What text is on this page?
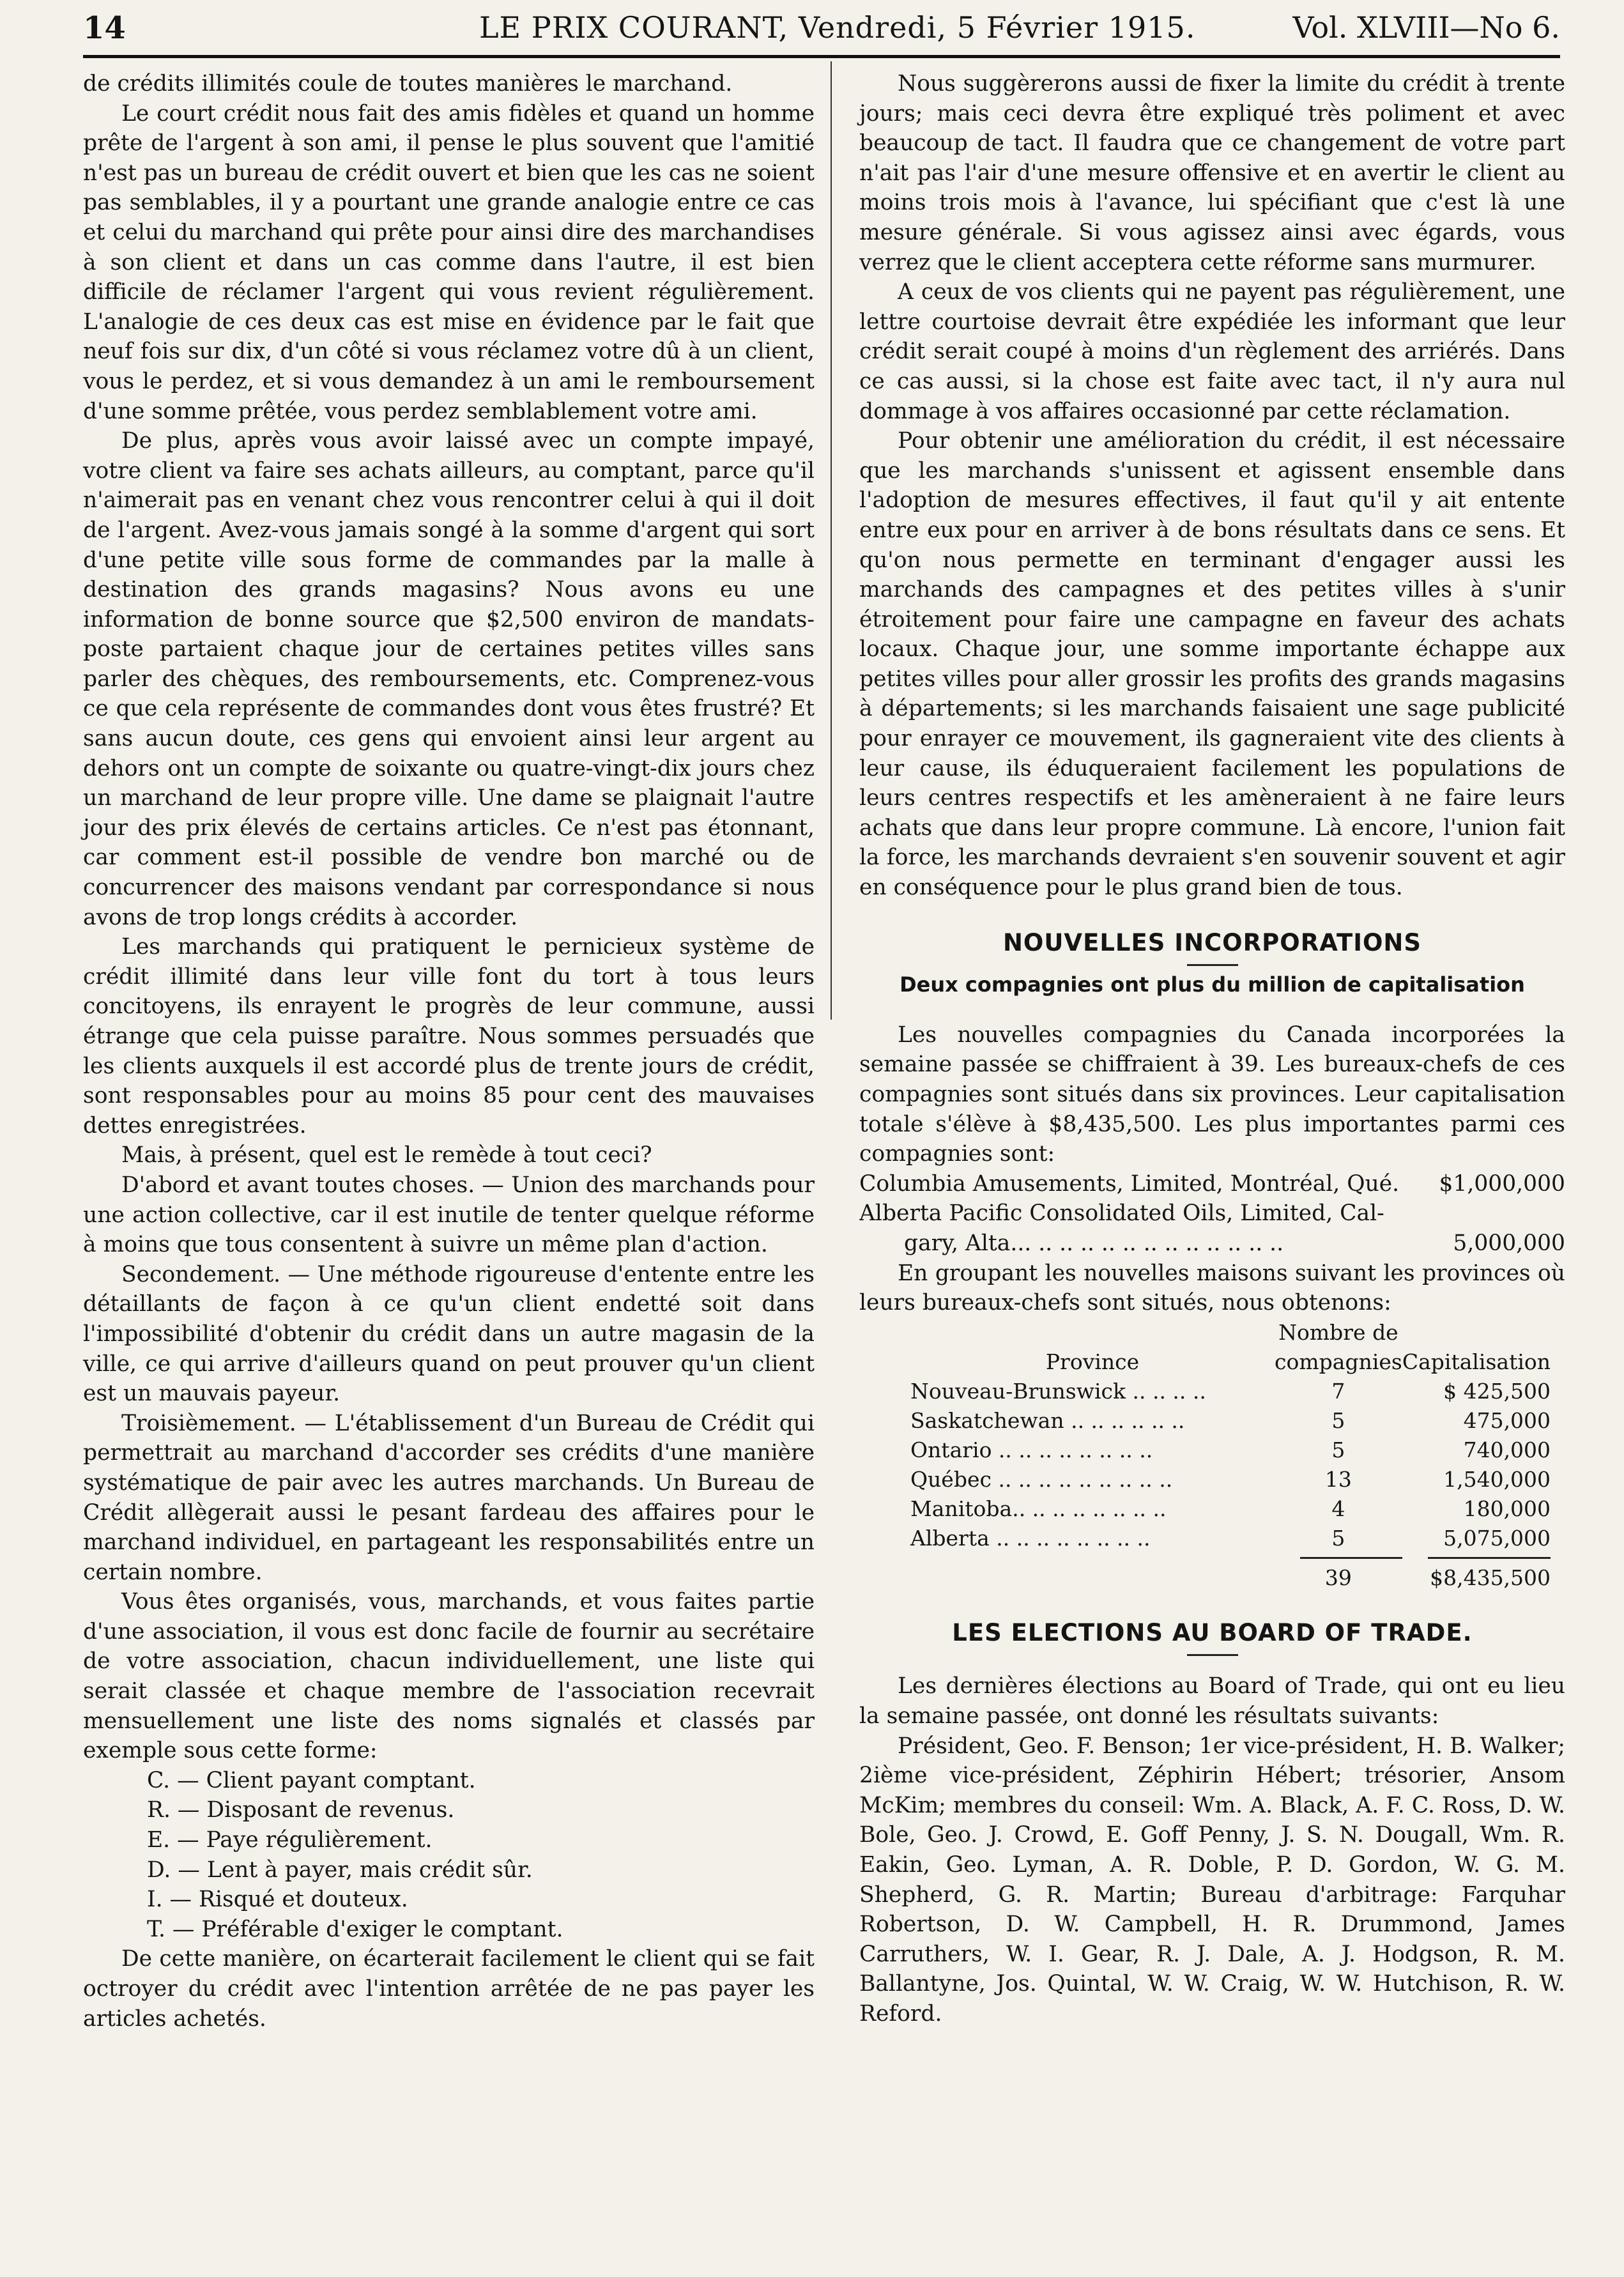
14	LE PRIX COURANT, Vendredi, 5 Février 1915.	Vol. XLVIII—No 6.

de crédits illimités coule de toutes manières le marchand.

Le court crédit nous fait des amis fidèles et quand un homme prête de l'argent à son ami, il pense le plus souvent que l'amitié n'est pas un bureau de crédit ouvert et bien que les cas ne soient pas semblables, il y a pourtant une grande analogie entre ce cas et celui du marchand qui prête pour ainsi dire des marchandises à son client et dans un cas comme dans l'autre, il est bien difficile de réclamer l'argent qui vous revient régulièrement. L'analogie de ces deux cas est mise en évidence par le fait que neuf fois sur dix, d'un côté si vous réclamez votre dû à un client, vous le perdez, et si vous demandez à un ami le remboursement d'une somme prêtée, vous perdez semblablement votre ami.

De plus, après vous avoir laissé avec un compte impayé, votre client va faire ses achats ailleurs, au comptant, parce qu'il n'aimerait pas en venant chez vous rencontrer celui à qui il doit de l'argent. Avez-vous jamais songé à la somme d'argent qui sort d'une petite ville sous forme de commandes par la malle à destination des grands magasins? Nous avons eu une information de bonne source que $2,500 environ de mandats-poste partaient chaque jour de certaines petites villes sans parler des chèques, des remboursements, etc. Comprenez-vous ce que cela représente de commandes dont vous êtes frustré? Et sans aucun doute, ces gens qui envoient ainsi leur argent au dehors ont un compte de soixante ou quatre-vingt-dix jours chez un marchand de leur propre ville. Une dame se plaignait l'autre jour des prix élevés de certains articles. Ce n'est pas étonnant, car comment est-il possible de vendre bon marché ou de concurrencer des maisons vendant par correspondance si nous avons de trop longs crédits à accorder.

Les marchands qui pratiquent le pernicieux système de crédit illimité dans leur ville font du tort à tous leurs concitoyens, ils enrayent le progrès de leur commune, aussi étrange que cela puisse paraître. Nous sommes persuadés que les clients auxquels il est accordé plus de trente jours de crédit, sont responsables pour au moins 85 pour cent des mauvaises dettes enregistrées.

Mais, à présent, quel est le remède à tout ceci?

D'abord et avant toutes choses. — Union des marchands pour une action collective, car il est inutile de tenter quelque réforme à moins que tous consentent à suivre un même plan d'action.

Secondement. — Une méthode rigoureuse d'entente entre les détaillants de façon à ce qu'un client endetté soit dans l'impossibilité d'obtenir du crédit dans un autre magasin de la ville, ce qui arrive d'ailleurs quand on peut prouver qu'un client est un mauvais payeur.

Troisièmement. — L'établissement d'un Bureau de Crédit qui permettrait au marchand d'accorder ses crédits d'une manière systématique de pair avec les autres marchands. Un Bureau de Crédit allègerait aussi le pesant fardeau des affaires pour le marchand individuel, en partageant les responsabilités entre un certain nombre.

Vous êtes organisés, vous, marchands, et vous faites partie d'une association, il vous est donc facile de fournir au secrétaire de votre association, chacun individuellement, une liste qui serait classée et chaque membre de l'association recevrait mensuellement une liste des noms signalés et classés par exemple sous cette forme:

C. — Client payant comptant.
R. — Disposant de revenus.
E. — Paye régulièrement.
D. — Lent à payer, mais crédit sûr.
I. — Risqué et douteux.
T. — Préférable d'exiger le comptant.

De cette manière, on écarterait facilement le client qui se fait octroyer du crédit avec l'intention arrêtée de ne pas payer les articles achetés.

Nous suggèrerons aussi de fixer la limite du crédit à trente jours; mais ceci devra être expliqué très poliment et avec beaucoup de tact. Il faudra que ce changement de votre part n'ait pas l'air d'une mesure offensive et en avertir le client au moins trois mois à l'avance, lui spécifiant que c'est là une mesure générale. Si vous agissez ainsi avec égards, vous verrez que le client acceptera cette réforme sans murmurer.

A ceux de vos clients qui ne payent pas régulièrement, une lettre courtoise devrait être expédiée les informant que leur crédit serait coupé à moins d'un règlement des arriérés. Dans ce cas aussi, si la chose est faite avec tact, il n'y aura nul dommage à vos affaires occasionné par cette réclamation.

Pour obtenir une amélioration du crédit, il est nécessaire que les marchands s'unissent et agissent ensemble dans l'adoption de mesures effectives, il faut qu'il y ait entente entre eux pour en arriver à de bons résultats dans ce sens. Et qu'on nous permette en terminant d'engager aussi les marchands des campagnes et des petites villes à s'unir étroitement pour faire une campagne en faveur des achats locaux. Chaque jour, une somme importante échappe aux petites villes pour aller grossir les profits des grands magasins à départements; si les marchands faisaient une sage publicité pour enrayer ce mouvement, ils gagneraient vite des clients à leur cause, ils éduqueraient facilement les populations de leurs centres respectifs et les amèneraient à ne faire leurs achats que dans leur propre commune. Là encore, l'union fait la force, les marchands devraient s'en souvenir souvent et agir en conséquence pour le plus grand bien de tous.

NOUVELLES INCORPORATIONS
Deux compagnies ont plus du million de capitalisation

Les nouvelles compagnies du Canada incorporées la semaine passée se chiffraient à 39. Les bureaux-chefs de ces compagnies sont situés dans six provinces. Leur capitalisation totale s'élève à $8,435,500. Les plus importantes parmi ces compagnies sont:

Columbia Amusements, Limited, Montréal, Qué.	$1,000,000
Alberta Pacific Consolidated Oils, Limited, Cal-
gary, Alta... .. .. .. .. .. .. .. .. .. .. .. ..	5,000,000

En groupant les nouvelles maisons suivant les provinces où leurs bureaux-chefs sont situés, nous obtenons:

	Nombre de	
Province	compagnies	Capitalisation
Nouveau-Brunswick .. .. .. ..	7	$ 425,500
Saskatchewan .. .. .. .. .. ..	5	475,000
Ontario .. .. .. .. .. .. .. ..	5	740,000
Québec .. .. .. .. .. .. .. .. ..	13	1,540,000
Manitoba.. .. .. .. .. .. .. ..	4	180,000
Alberta .. .. .. .. .. .. .. ..	5	5,075,000

	39	$8,435,500
LES ELECTIONS AU BOARD OF TRADE.

Les dernières élections au Board of Trade, qui ont eu lieu la semaine passée, ont donné les résultats suivants:

Président, Geo. F. Benson; 1er vice-président, H. B. Walker; 2ième vice-président, Zéphirin Hébert; trésorier, Ansom McKim; membres du conseil: Wm. A. Black, A. F. C. Ross, D. W. Bole, Geo. J. Crowd, E. Goff Penny, J. S. N. Dougall, Wm. R. Eakin, Geo. Lyman, A. R. Doble, P. D. Gordon, W. G. M. Shepherd, G. R. Martin; Bureau d'arbitrage: Farquhar Robertson, D. W. Campbell, H. R. Drummond, James Carruthers, W. I. Gear, R. J. Dale, A. J. Hodgson, R. M. Ballantyne, Jos. Quintal, W. W. Craig, W. W. Hutchison, R. W. Reford.
